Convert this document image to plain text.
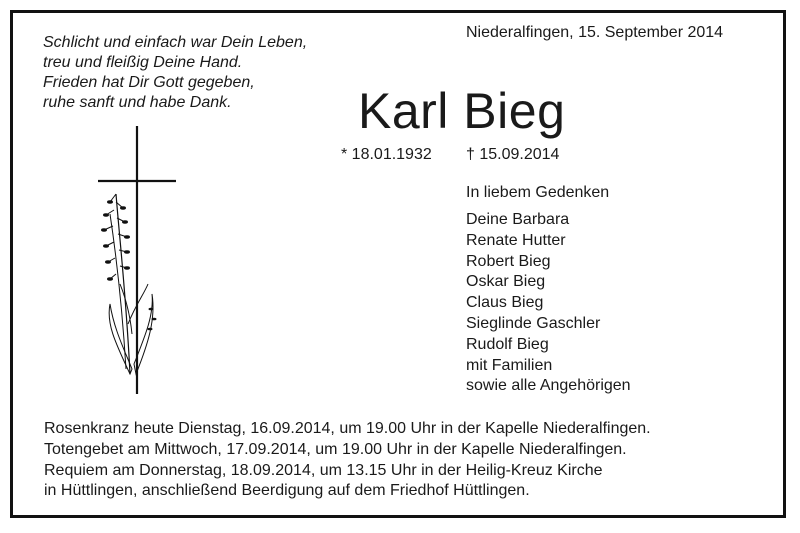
Schlicht und einfach war Dein Leben,
treu und fleißig Deine Hand.
Frieden hat Dir Gott gegeben,
ruhe sanft und habe Dank.
Niederalfingen, 15. September 2014
Karl Bieg
* 18.01.1932 † 15.09.2014
In liebem Gedenken
Deine Barbara
Renate Hutter
Robert Bieg
Oskar Bieg
Claus Bieg
Sieglinde Gaschler
Rudolf Bieg
mit Familien
sowie alle Angehörigen
Rosenkranz heute Dienstag, 16.09.2014, um 19.00 Uhr in der Kapelle Niederalfingen.
Totengebet am Mittwoch, 17.09.2014, um 19.00 Uhr in der Kapelle Niederalfingen.
Requiem am Donnerstag, 18.09.2014, um 13.15 Uhr in der Heilig-Kreuz Kirche
in Hüttlingen, anschließend Beerdigung auf dem Friedhof Hüttlingen.
